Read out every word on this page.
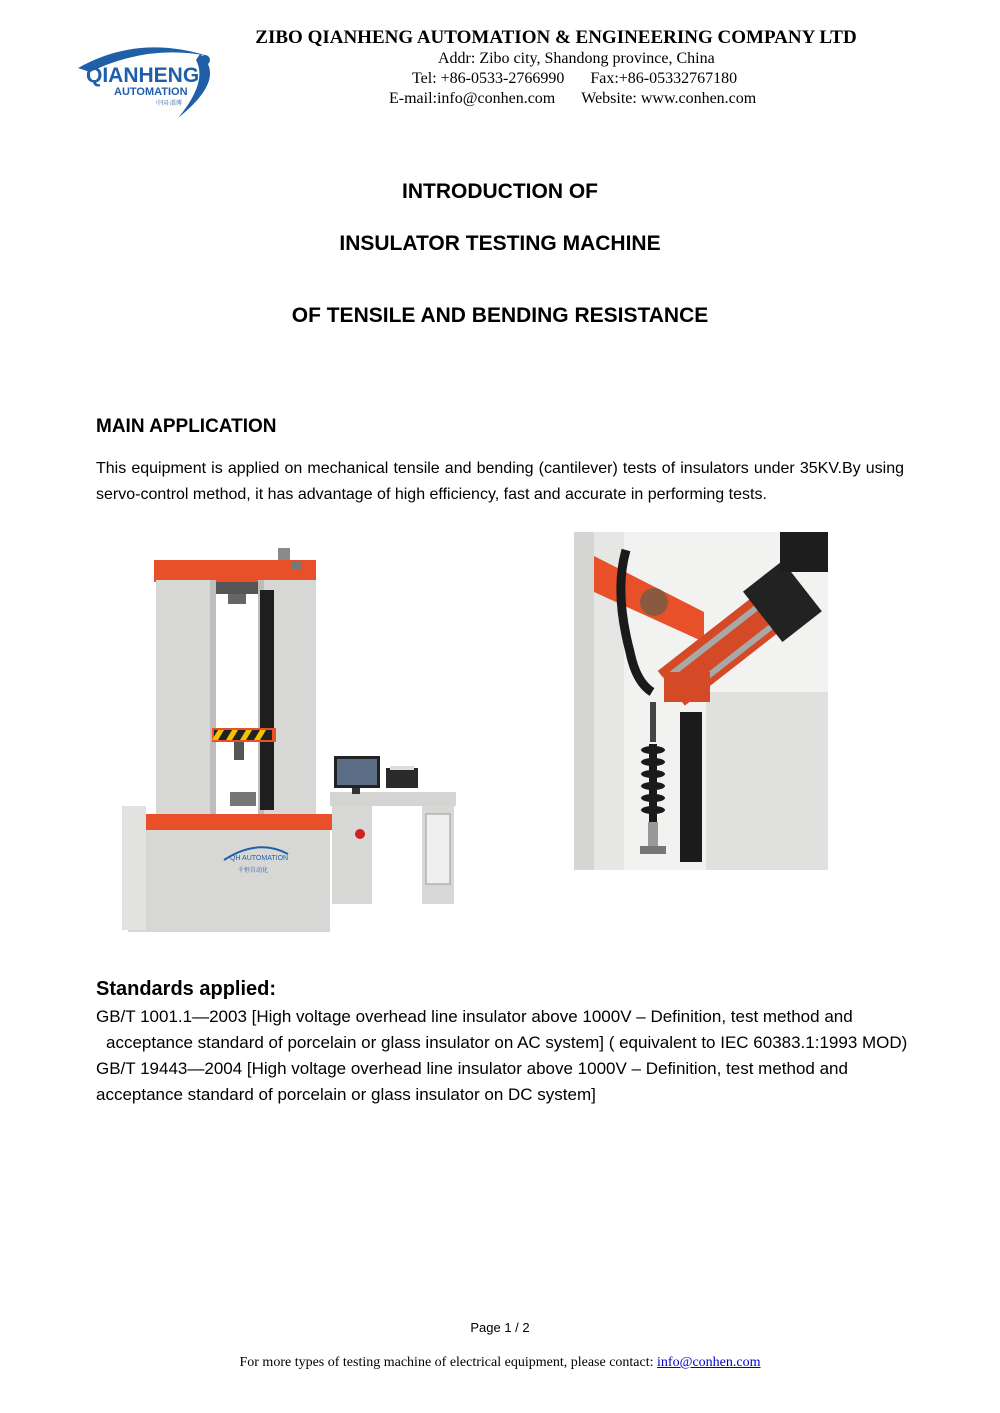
QIANHENG
AUTOMATION
中国·淄博
ZIBO QIANHENG AUTOMATION & ENGINEERING COMPANY LTD
Addr: Zibo city, Shandong province, China
Tel: +86-0533-2766990 Fax:+86-05332767180
E-mail:info@conhen.com Website: www.conhen.com
INTRODUCTION OF
INSULATOR TESTING MACHINE
OF TENSILE AND BENDING RESISTANCE
MAIN APPLICATION
This equipment is applied on mechanical tensile and bending (cantilever) tests of insulators under 35KV.By using servo-control method, it has advantage of high efficiency, fast and accurate in performing tests.
QH AUTOMATION
千恒自动化
Standards applied:
GB/T 1001.1—2003 [High voltage overhead line insulator above 1000V – Definition, test method and acceptance standard of porcelain or glass insulator on AC system] ( equivalent to IEC 60383.1:1993 MOD)
GB/T 19443—2004 [High voltage overhead line insulator above 1000V – Definition, test method and acceptance standard of porcelain or glass insulator on DC system]
Page 1 / 2
For more types of testing machine of electrical equipment, please contact: info@conhen.com
